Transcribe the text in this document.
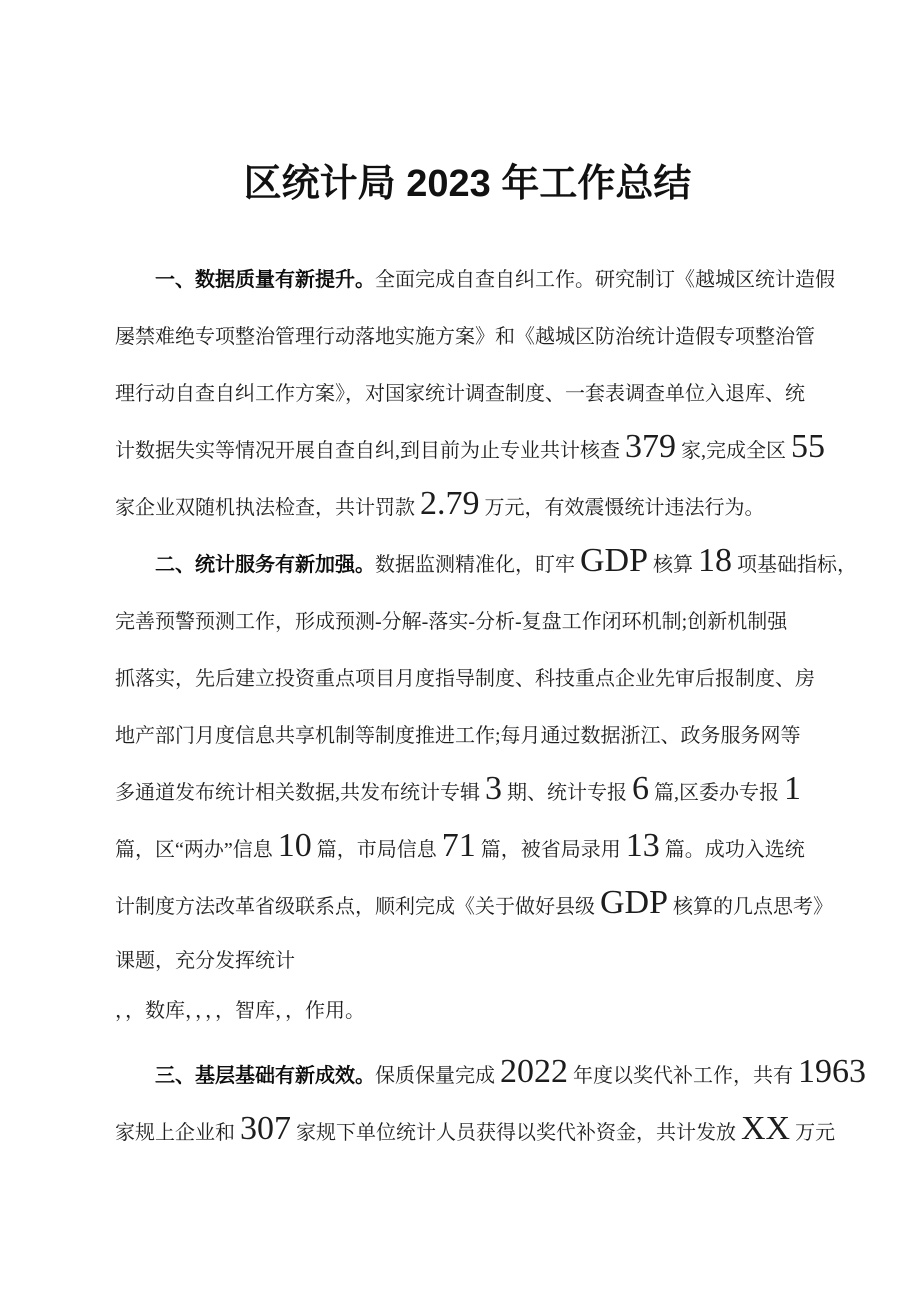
区统计局 2023 年工作总结
一、数据质量有新提升。全面完成自查自纠工作。研究制订《越城区统计造假
屡禁难绝专项整治管理行动落地实施方案》和《越城区防治统计造假专项整治管
理行动自查自纠工作方案》，对国家统计调查制度、一套表调查单位入退库、统
计数据失实等情况开展自查自纠,到目前为止专业共计核查 379 家,完成全区 55
家企业双随机执法检查，共计罚款 2.79 万元，有效震慑统计违法行为。
二、统计服务有新加强。数据监测精准化，盯牢 GDP 核算 18 项基础指标，
完善预警预测工作，形成预测-分解-落实-分析-复盘工作闭环机制;创新机制强
抓落实，先后建立投资重点项目月度指导制度、科技重点企业先审后报制度、房
地产部门月度信息共享机制等制度推进工作;每月通过数据浙江、政务服务网等
多通道发布统计相关数据,共发布统计专辑 3 期、统计专报 6 篇,区委办专报 1
篇，区“两办”信息 10 篇，市局信息 71 篇，被省局录用 13 篇。成功入选统
计制度方法改革省级联系点，顺利完成《关于做好县级 GDP 核算的几点思考》
课题，充分发挥统计
，，数库，，，，智库，，作用。
三、基层基础有新成效。保质保量完成 2022 年度以奖代补工作，共有 1963
家规上企业和 307 家规下单位统计人员获得以奖代补资金，共计发放 XX 万元
